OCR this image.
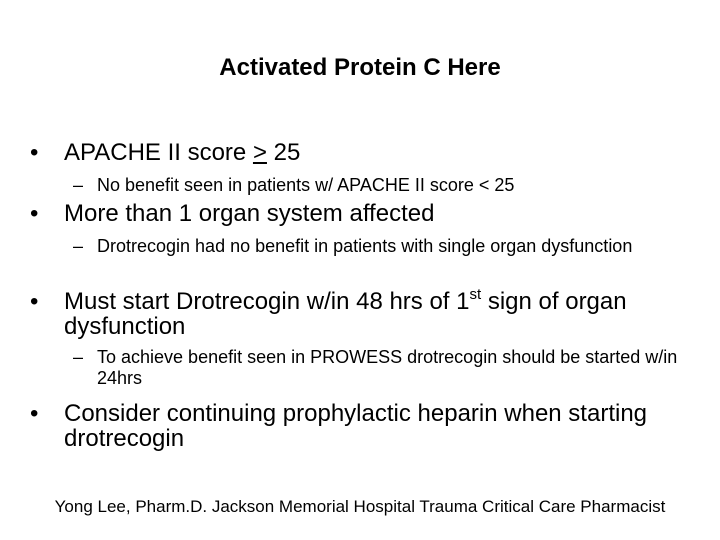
Activated Protein C Here
• APACHE II score ≥ 25
– No benefit seen in patients w/ APACHE II score < 25
• More than 1 organ system affected
– Drotrecogin had no benefit in patients with single organ dysfunction
• Must start Drotrecogin w/in 48 hrs of 1st sign of organ dysfunction
– To achieve benefit seen in PROWESS drotrecogin should be started w/in 24hrs
• Consider continuing prophylactic heparin when starting drotrecogin
Yong Lee, Pharm.D. Jackson Memorial Hospital Trauma Critical Care Pharmacist
